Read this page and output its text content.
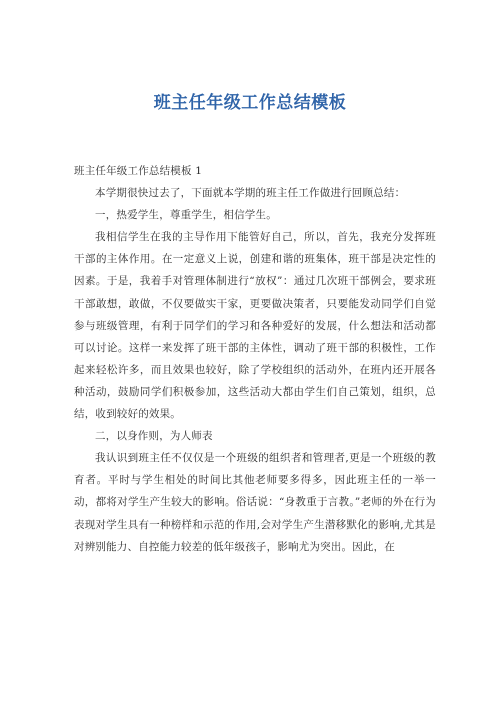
班主任年级工作总结模板

班主任年级工作总结模板 1

本学期很快过去了，下面就本学期的班主任工作做进行回顾总结：

一，热爱学生，尊重学生，相信学生。

我相信学生在我的主导作用下能管好自己，所以，首先，我充分发挥班干部的主体作用。在一定意义上说，创建和谐的班集体，班干部是决定性的因素。于是，我着手对管理体制进行“放权”：通过几次班干部例会，要求班干部敢想，敢做，不仅要做实干家，更要做决策者，只要能发动同学们自觉参与班级管理，有利于同学们的学习和各种爱好的发展，什么想法和活动都可以讨论。这样一来发挥了班干部的主体性，调动了班干部的积极性，工作起来轻松许多，而且效果也较好，除了学校组织的活动外，在班内还开展各种活动，鼓励同学们积极参加，这些活动大都由学生们自己策划，组织，总结，收到较好的效果。

二，以身作则，为人师表

我认识到班主任不仅仅是一个班级的组织者和管理者,更是一个班级的教育者。平时与学生相处的时间比其他老师要多得多，因此班主任的一举一动，都将对学生产生较大的影响。俗话说：“身教重于言教。”老师的外在行为表现对学生具有一种榜样和示范的作用,会对学生产生潜移默化的影响,尤其是对辨别能力、自控能力较差的低年级孩子，影响尤为突出。因此，在
